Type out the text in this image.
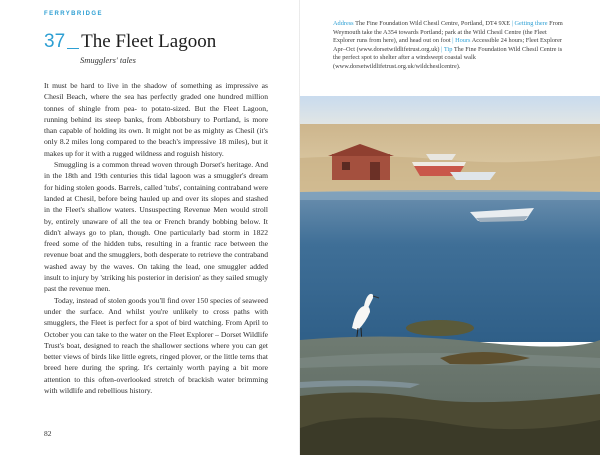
FERRYBRIDGE
37 The Fleet Lagoon
Smugglers' tales

It must be hard to live in the shadow of something as impressive as Chesil Beach, where the sea has perfectly graded one hundred million tonnes of shingle from pea- to potato-sized. But the Fleet Lagoon, running behind its steep banks, from Abbotsbury to Portland, is more than capable of holding its own. It might not be as mighty as Chesil (it's only 8.2 miles long compared to the beach's impressive 18 miles), but it makes up for it with a rugged wildness and roguish history.

Smuggling is a common thread woven through Dorset's heritage. And in the 18th and 19th centuries this tidal lagoon was a smuggler's dream for hiding stolen goods. Barrels, called 'tubs', containing contraband were landed at Chesil, before being hauled up and over its slopes and stashed in the Fleet's shallow waters. Unsuspecting Revenue Men would stroll by, entirely unaware of all the tea or French brandy bobbing below. It didn't always go to plan, though. One particularly bad storm in 1822 freed some of the hidden tubs, resulting in a frantic race between the revenue boat and the smugglers, both desperate to retrieve the contraband washed away by the waves. On taking the lead, one smuggler added insult to injury by 'striking his posterior in derision' as they sailed smugly past the revenue men.

Today, instead of stolen goods you'll find over 150 species of seaweed under the surface. And whilst you're unlikely to cross paths with smugglers, the Fleet is perfect for a spot of bird watching. From April to October you can take to the water on the Fleet Explorer – Dorset Wildlife Trust's boat, designed to reach the shallower sections where you can get better views of birds like little egrets, ringed plover, or the little terns that breed here during the spring. It's certainly worth paying a bit more attention to this often-overlooked stretch of brackish water brimming with wildlife and rebellious history.

82
Address The Fine Foundation Wild Chesil Centre, Portland, DT4 9XE | Getting there From Weymouth take the A354 towards Portland; park at the Wild Chesil Centre (the Fleet Explorer runs from here), and head out on foot | Hours Accessible 24 hours; Fleet Explorer Apr–Oct (www.dorsetwildlifetrust.org.uk) | Tip The Fine Foundation Wild Chesil Centre is the perfect spot to shelter after a windswept coastal walk (www.dorsetwildlifetrust.org.uk/wildchesilcentre).
